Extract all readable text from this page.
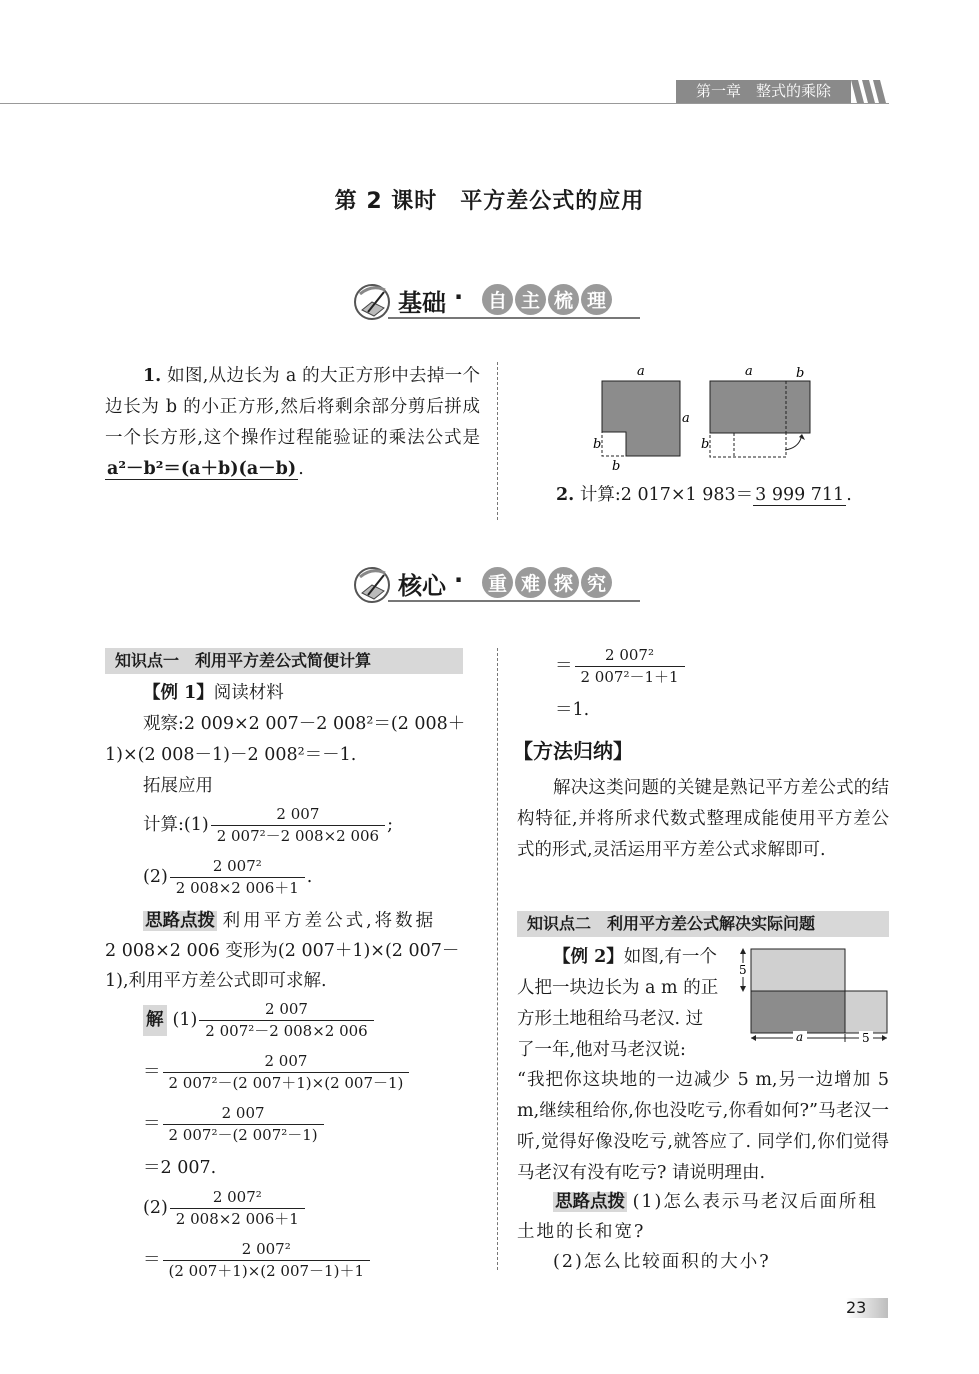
第一章　整式的乘除
第 2 课时　平方差公式的应用
基础 ·	自 主 梳 理
1. 如图,从边长为 a 的大正方形中去掉一个边长为 b 的小正方形,然后将剩余部分剪后拼成一个长方形,这个操作过程能验证的乘法公式是a²－b²＝(a＋b)(a－b) .
a
a
b
b
a	b
b
2. 计算:2 017×1 983＝ 3 999 711 .
核心 ·	重 难 探 究
知识点一　利用平方差公式简便计算
【例 1】阅读材料
观察:2 009×2 007－2 008²＝(2 008＋
1)×(2 008－1)－2 008²＝－1.
拓展应用
计算:(1) $\frac{2 007}{\text{2 007²－2 008×2 006}}$ ;
$(2) \frac{\text{2 007²}}{2 008\times 2 006+1}$ .
思路点拨 利用平方差公式,将数据
2 008×2 006 变形为(2 007＋1)×(2 007－
1),利用平方差公式即可求解.
解 $(1) \frac{2 007}{\text{2 007²－2 008×2 006}}$
＝ $\frac{2 007}{\text{2 007²－(2 007＋1)×(2 007－1)}}$
＝ $\frac{2 007}{\text{2 007²－(2 007²－1)}}$
＝2 007.
$(2) \frac{\text{2 007²}}{2 008\times 2 006+1}$
＝ $\frac{\text{2 007²}}{(2 007+1)\times(2 007-1)+1}$
＝ $\frac{\text{2 007²}}{\text{2 007²－1＋1}}$
＝1.
【方法归纳】
解决这类问题的关键是熟记平方差公式的结构特征,并将所求代数式整理成能使用平方差公式的形式,灵活运用平方差公式求解即可.
知识点二　利用平方差公式解决实际问题
【例 2】如图,有一个
人把一块边长为 a m 的正
方形土地租给马老汉. 过
了一年,他对马老汉说:
“我把你这块地的一边减少 5 m,另一边增加 5 m,继续租给你,你也没吃亏,你看如何?”马老汉一听,觉得好像没吃亏,就答应了. 同学们,你们觉得马老汉有没有吃亏? 请说明理由.
5
a	5
思路点拨 (1)怎么表示马老汉后面所租
土地的长和宽?
(2)怎么比较面积的大小?
23
